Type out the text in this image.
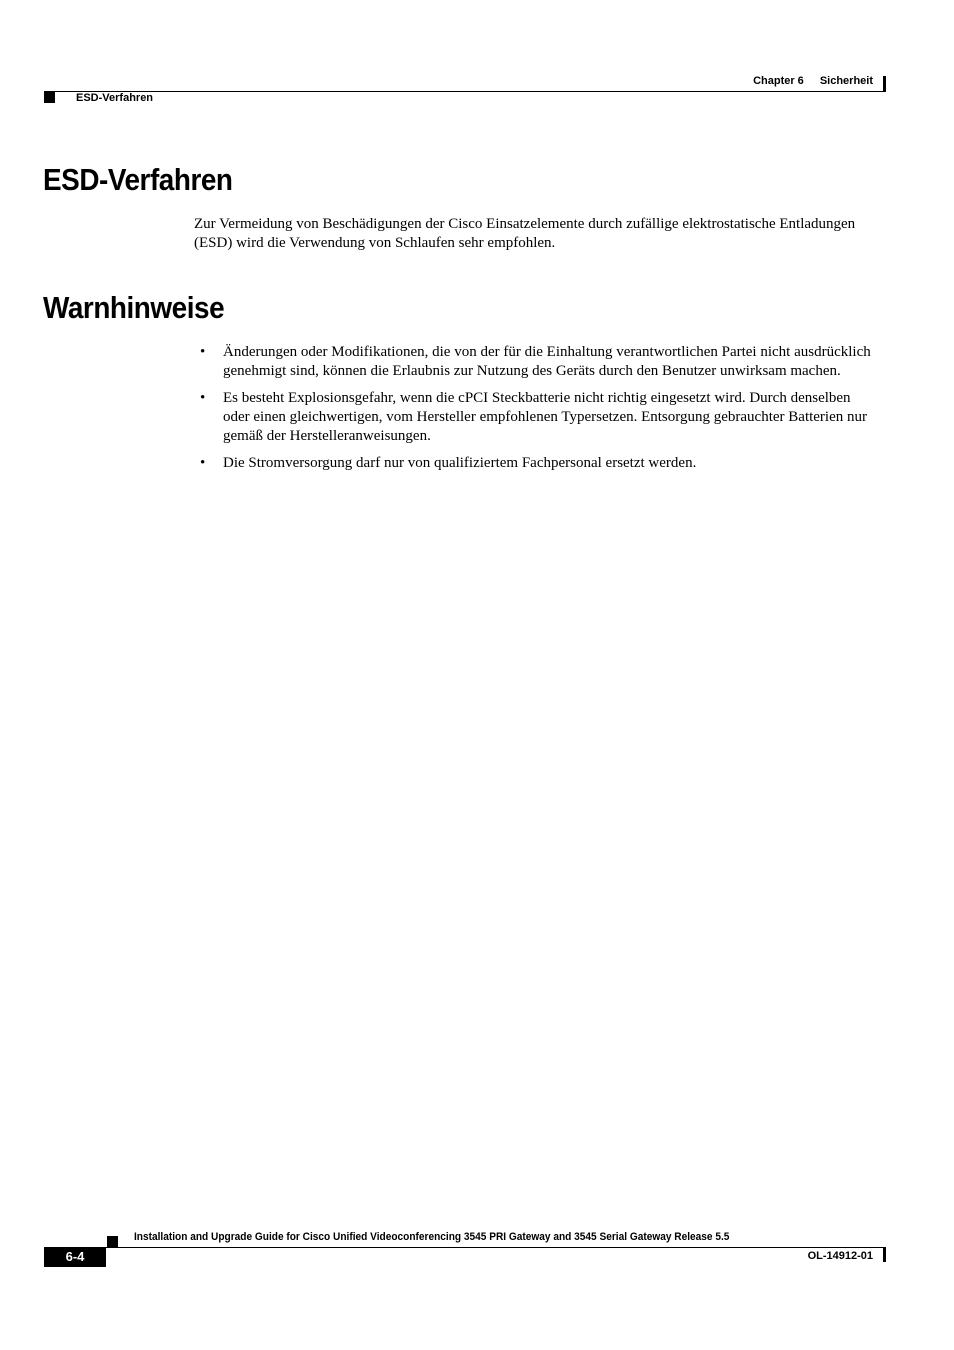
Chapter 6 Sicherheit
ESD-Verfahren
ESD-Verfahren

Zur Vermeidung von Beschädigungen der Cisco Einsatzelemente durch zufällige elektrostatische Entladungen (ESD) wird die Verwendung von Schlaufen sehr empfohlen.

Warnhinweise
• Änderungen oder Modifikationen, die von der für die Einhaltung verantwortlichen Partei nicht ausdrücklich genehmigt sind, können die Erlaubnis zur Nutzung des Geräts durch den Benutzer unwirksam machen.
• Es besteht Explosionsgefahr, wenn die cPCI Steckbatterie nicht richtig eingesetzt wird. Durch denselben oder einen gleichwertigen, vom Hersteller empfohlenen Typersetzen. Entsorgung gebrauchter Batterien nur gemäß der Herstelleranweisungen.
• Die Stromversorgung darf nur von qualifiziertem Fachpersonal ersetzt werden.
Installation and Upgrade Guide for Cisco Unified Videoconferencing 3545 PRI Gateway and 3545 Serial Gateway Release 5.5
6-4	OL-14912-01
